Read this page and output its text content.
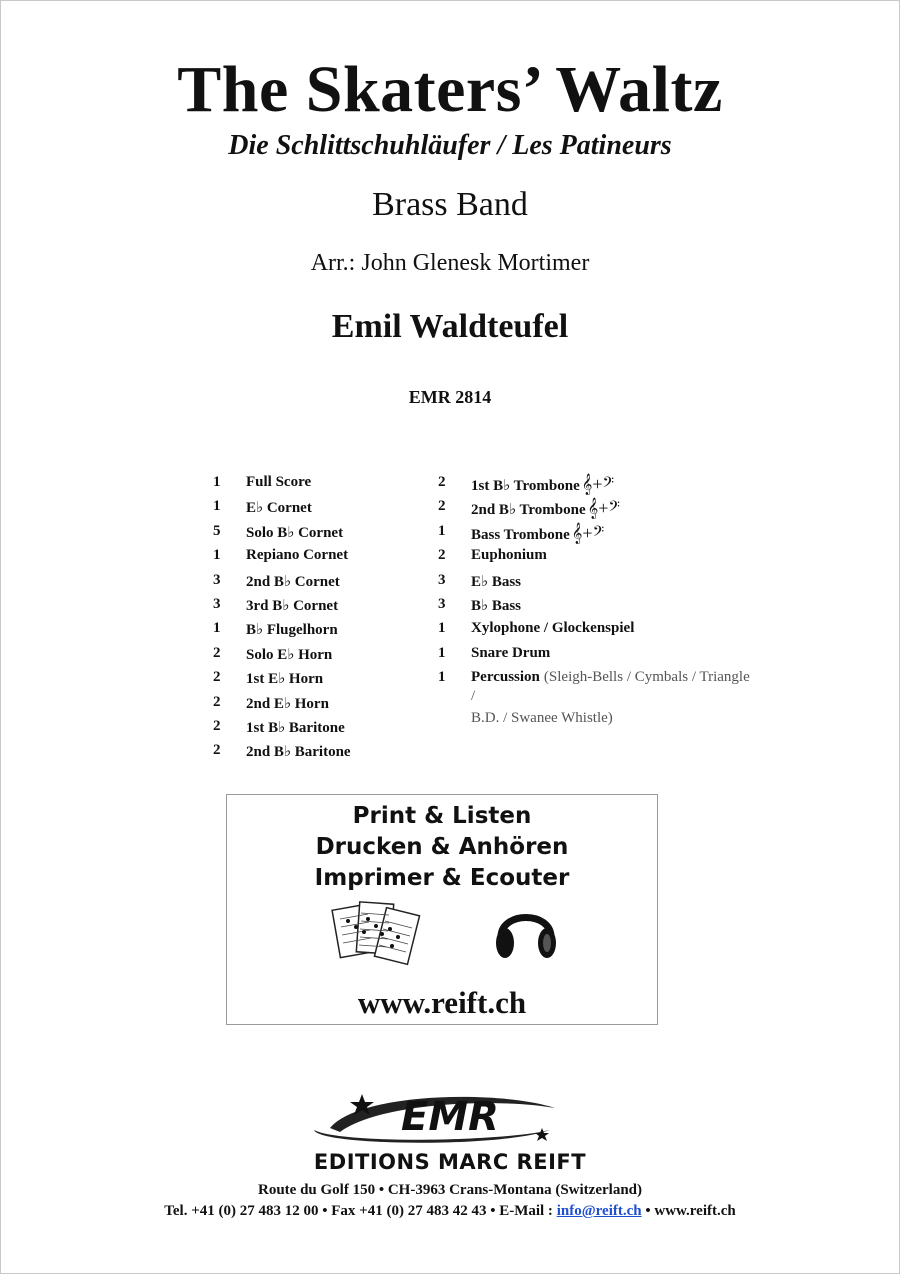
The Skaters’ Waltz
Die Schlittschuhläufer / Les Patineurs
Brass Band
Arr.: John Glenesk Mortimer
Emil Waldteufel
EMR 2814
1	Full Score
1	E♭ Cornet
5	Solo B♭ Cornet
1	Repiano Cornet
3	2nd B♭ Cornet
3	3rd B♭ Cornet
1	B♭ Flugelhorn
2	Solo E♭ Horn
2	1st E♭ Horn
2	2nd E♭ Horn
2	1st B♭ Baritone
2	2nd B♭ Baritone
2	1st B♭ Trombone 𝄞+𝄢
2	2nd B♭ Trombone 𝄞+𝄢
1	Bass Trombone 𝄞+𝄢
2	Euphonium
3	E♭ Bass
3	B♭ Bass
1	Xylophone / Glockenspiel
1	Snare Drum
1	Percussion (Sleigh-Bells / Cymbals / Triangle
/
B.D. / Swanee Whistle)
Print & Listen
Drucken & Anhören
Imprimer & Ecouter
www.reift.ch
EMR
EDITIONS MARC REIFT
Route du Golf 150 • CH-3963 Crans-Montana (Switzerland)
Tel. +41 (0) 27 483 12 00 • Fax +41 (0) 27 483 42 43 • E-Mail : info@reift.ch • www.reift.ch
